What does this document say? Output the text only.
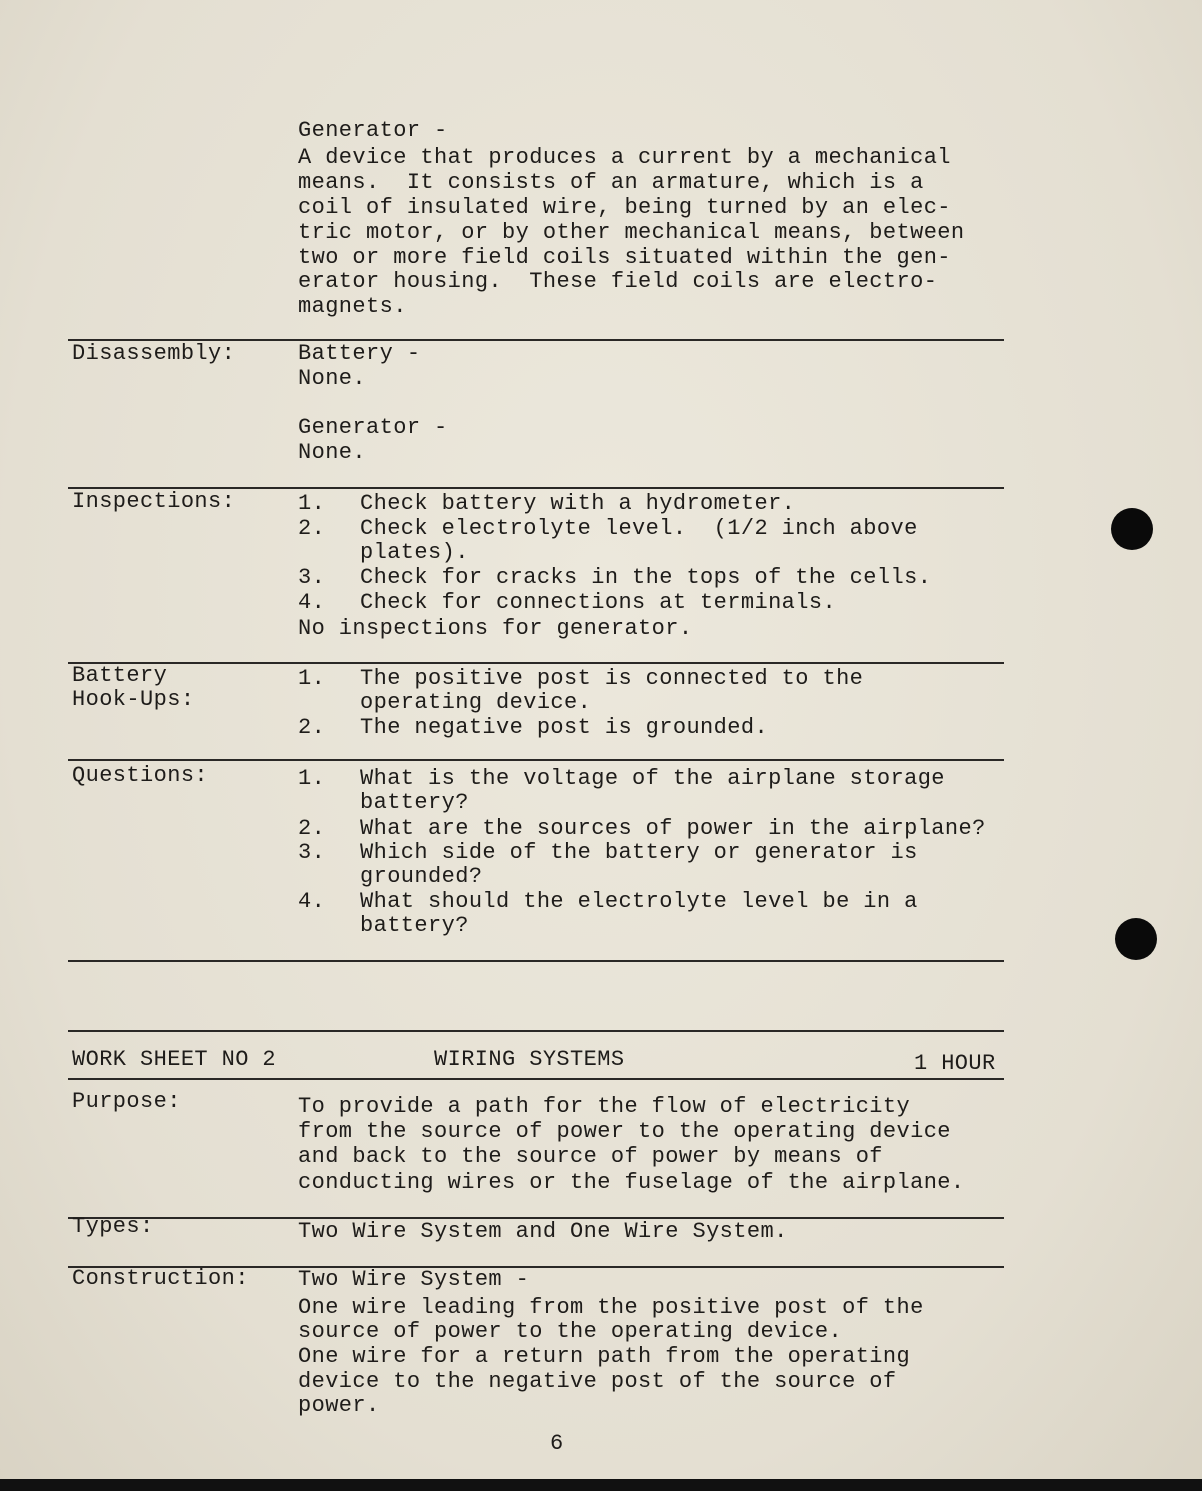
Generator -
A device that produces a current by a mechanical
means.  It consists of an armature, which is a
coil of insulated wire, being turned by an elec-
tric motor, or by other mechanical means, between
two or more field coils situated within the gen-
erator housing.  These field coils are electro-
magnets.
Disassembly:	Battery -
None.
Generator -
None.
Inspections:	1. Check battery with a hydrometer.
2. Check electrolyte level.  (1/2 inch above
plates).
3. Check for cracks in the tops of the cells.
4. Check for connections at terminals.
No inspections for generator.
Battery
Hook-Ups:
1. The positive post is connected to the
operating device.
2. The negative post is grounded.
Questions:	1. What is the voltage of the airplane storage
battery?
2. What are the sources of power in the airplane?
3. Which side of the battery or generator is
grounded?
4. What should the electrolyte level be in a
battery?
WORK SHEET NO 2	WIRING SYSTEMS	1 HOUR
Purpose:	To provide a path for the flow of electricity
from the source of power to the operating device
and back to the source of power by means of
conducting wires or the fuselage of the airplane.
Types:	Two Wire System and One Wire System.
Construction: Two Wire System -
One wire leading from the positive post of the
source of power to the operating device.
One wire for a return path from the operating
device to the negative post of the source of
power.
6
